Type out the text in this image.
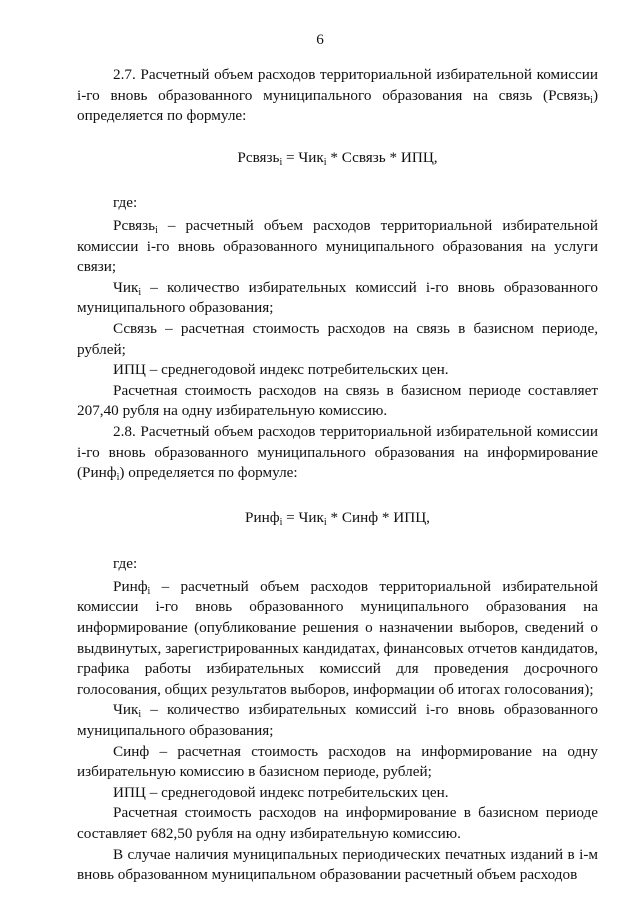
6

2.7. Расчетный объем расходов территориальной избирательной комиссии i-го вновь образованного муниципального образования на связь (Рсвязь$_i$) определяется по формуле:

Рсвязь$_i$ = Чик$_i$ * Ссвязь * ИПЦ,

где:

Рсвязь$_i$ – расчетный объем расходов территориальной избирательной комиссии i-го вновь образованного муниципального образования на услуги связи;

Чик$_i$ – количество избирательных комиссий i-го вновь образованного муниципального образования;

Ссвязь – расчетная стоимость расходов на связь в базисном периоде, рублей;

ИПЦ – среднегодовой индекс потребительских цен.

Расчетная стоимость расходов на связь в базисном периоде составляет 207,40 рубля на одну избирательную комиссию.

2.8. Расчетный объем расходов территориальной избирательной комиссии i-го вновь образованного муниципального образования на информирование (Ринф$_i$) определяется по формуле:

Ринф$_i$ = Чик$_i$ * Синф * ИПЦ,

где:

Ринф$_i$ – расчетный объем расходов территориальной избирательной комиссии i-го вновь образованного муниципального образования на информирование (опубликование решения о назначении выборов, сведений о выдвинутых, зарегистрированных кандидатах, финансовых отчетов кандидатов, графика работы избирательных комиссий для проведения досрочного голосования, общих результатов выборов, информации об итогах голосования);

Чик$_i$ – количество избирательных комиссий i-го вновь образованного муниципального образования;

Синф – расчетная стоимость расходов на информирование на одну избирательную комиссию в базисном периоде, рублей;

ИПЦ – среднегодовой индекс потребительских цен.

Расчетная стоимость расходов на информирование в базисном периоде составляет 682,50 рубля на одну избирательную комиссию.

В случае наличия муниципальных периодических печатных изданий в i-м вновь образованном муниципальном образовании расчетный объем расходов
